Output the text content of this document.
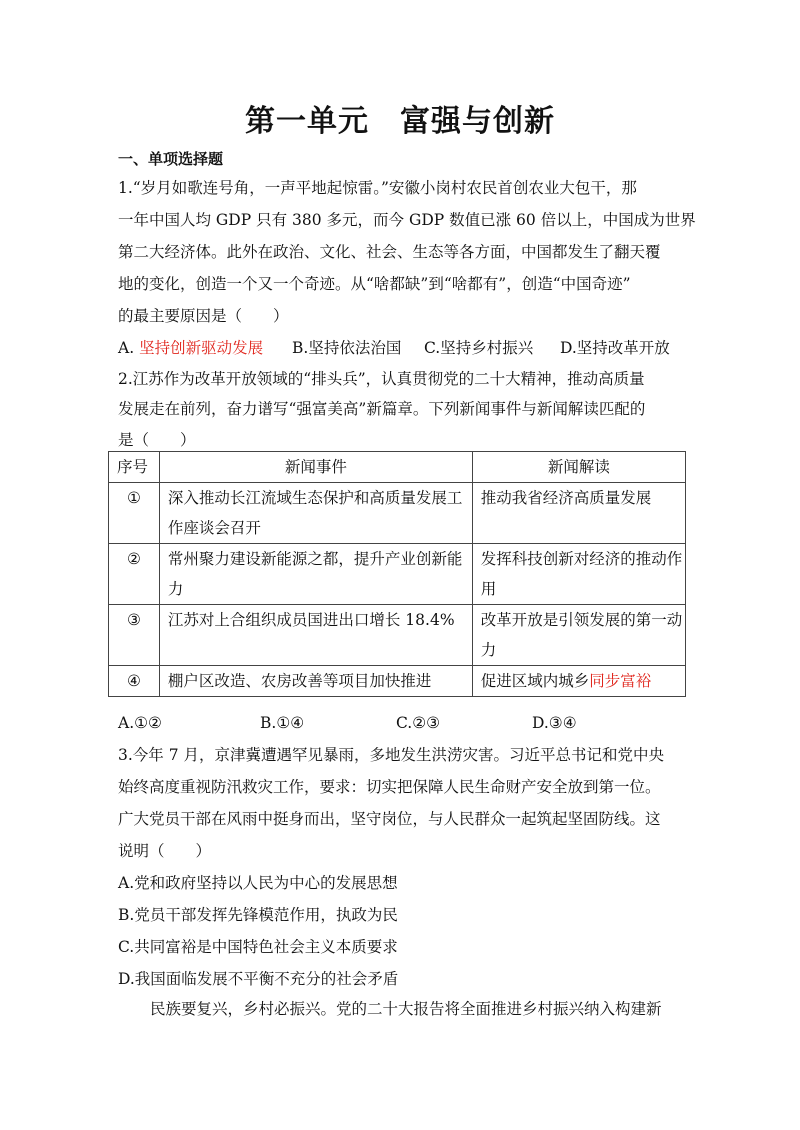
第一单元　富强与创新
一、单项选择题
1.“岁月如歌连号角，一声平地起惊雷。”安徽小岗村农民首创农业大包干，那
一年中国人均 GDP 只有 380 多元，而今 GDP 数值已涨 60 倍以上，中国成为世界
第二大经济体。此外在政治、文化、社会、生态等各方面，中国都发生了翻天覆
地的变化，创造一个又一个奇迹。从“啥都缺”到“啥都有”，创造“中国奇迹”
的最主要原因是（　　）
A. 坚持创新驱动发展 B.坚持依法治国 C.坚持乡村振兴 D.坚持改革开放
2.江苏作为改革开放领域的“排头兵”，认真贯彻党的二十大精神，推动高质量
发展走在前列，奋力谱写“强富美高”新篇章。下列新闻事件与新闻解读匹配的
是（　　）
序号	新闻事件	新闻解读
①	深入推动长江流域生态保护和高质量发展工作座谈会召开	推动我省经济高质量发展
②	常州聚力建设新能源之都，提升产业创新能力	发挥科技创新对经济的推动作用
③	江苏对上合组织成员国进出口增长 18.4%	改革开放是引领发展的第一动力
④	棚户区改造、农房改善等项目加快推进	促进区域内城乡同步富裕
A.①②	B.①④	C.②③	D.③④
3.今年 7 月，京津冀遭遇罕见暴雨，多地发生洪涝灾害。习近平总书记和党中央
始终高度重视防汛救灾工作，要求：切实把保障人民生命财产安全放到第一位。
广大党员干部在风雨中挺身而出，坚守岗位，与人民群众一起筑起坚固防线。这
说明（　　）
A.党和政府坚持以人民为中心的发展思想
B.党员干部发挥先锋模范作用，执政为民
C.共同富裕是中国特色社会主义本质要求
D.我国面临发展不平衡不充分的社会矛盾
民族要复兴，乡村必振兴。党的二十大报告将全面推进乡村振兴纳入构建新
